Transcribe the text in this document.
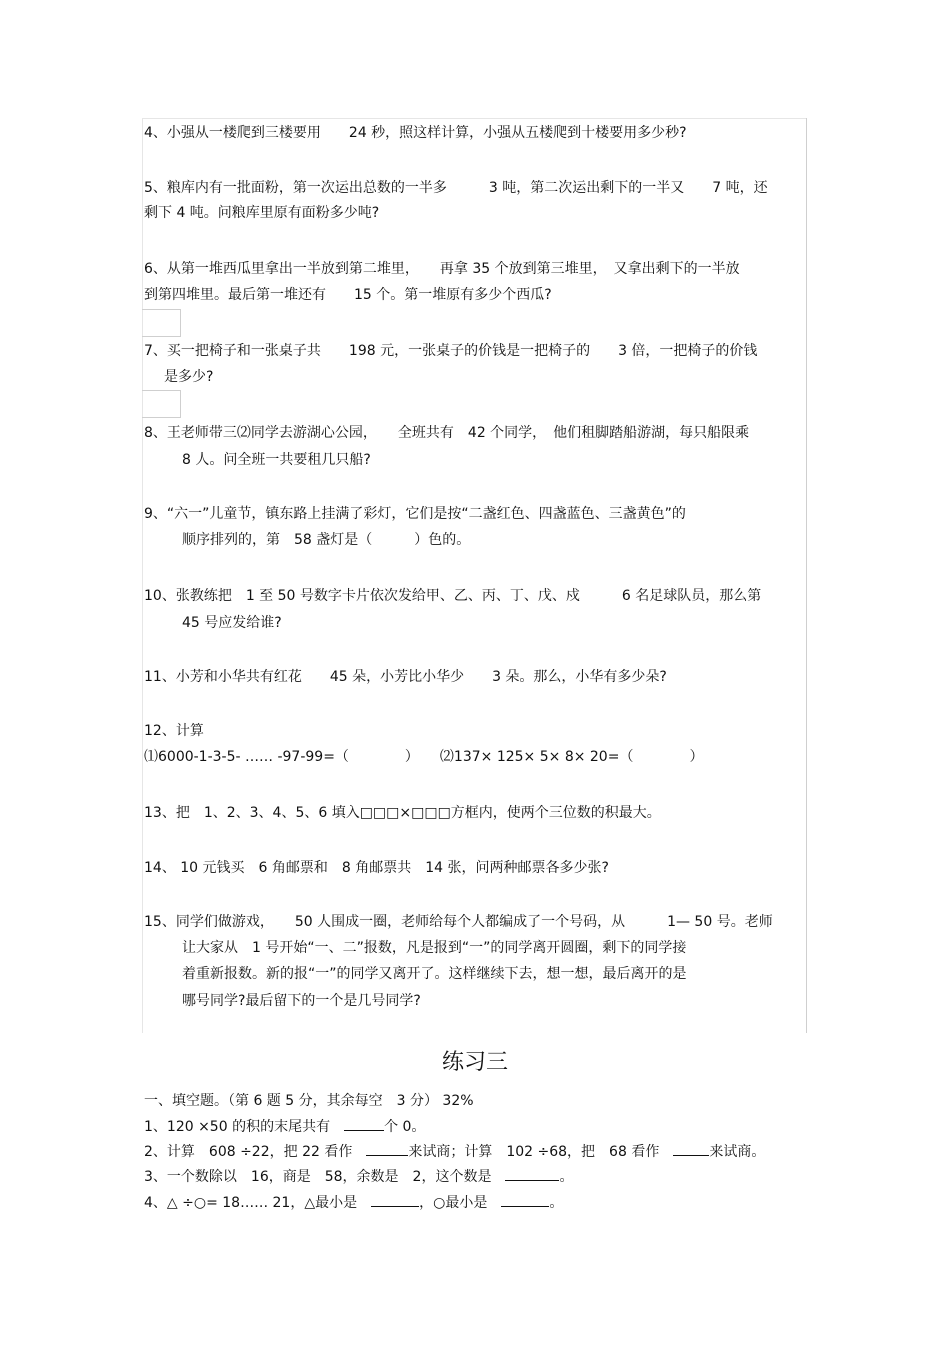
4、小强从一楼爬到三楼要用　　24 秒，照这样计算，小强从五楼爬到十楼要用多少秒?
5、粮库内有一批面粉，第一次运出总数的一半多　　　3 吨，第二次运出剩下的一半又　　7 吨，还
剩下 4 吨。问粮库里原有面粉多少吨?
6、从第一堆西瓜里拿出一半放到第二堆里，　　再拿 35 个放到第三堆里，　又拿出剩下的一半放
到第四堆里。最后第一堆还有　　15 个。第一堆原有多少个西瓜?
7、买一把椅子和一张桌子共　　198 元，一张桌子的价钱是一把椅子的　　3 倍，一把椅子的价钱
是多少?
8、王老师带三⑵同学去游湖心公园，　　全班共有　42 个同学，　他们租脚踏船游湖，每只船限乘
8 人。问全班一共要租几只船?
9、“六一”儿童节，镇东路上挂满了彩灯，它们是按“二盏红色、四盏蓝色、三盏黄色”的
顺序排列的，第　58 盏灯是（　　　）色的。
10、张教练把　1 至 50 号数字卡片依次发给甲、乙、丙、丁、戊、戍　　　6 名足球队员，那么第
45 号应发给谁?
11、小芳和小华共有红花　　45 朵，小芳比小华少　　3 朵。那么，小华有多少朵?
12、计算
⑴6000-1-3-5- …… -97-99=（　　　　）　　⑵137× 125× 5× 8× 20=（　　　　）
13、把　1、2、3、4、5、6 填入□□□×□□□方框内，使两个三位数的积最大。
14、 10 元钱买　6 角邮票和　8 角邮票共　14 张，问两种邮票各多少张?
15、同学们做游戏，　　50 人围成一圈，老师给每个人都编成了一个号码，从　　　1— 50 号。老师
让大家从　1 号开始“一、二”报数，凡是报到“一”的同学离开圆圈，剩下的同学接
着重新报数。新的报“一”的同学又离开了。这样继续下去，想一想，最后离开的是
哪号同学?最后留下的一个是几号同学?
练习三
一、填空题。（第 6 题 5 分，其余每空　3 分） 32%
1、120 ×50 的积的末尾共有　	个 0。
2、计算　608 ÷22，把 22 看作　	来试商；计算　102 ÷68，把　68 看作　	来试商。
3、一个数除以　16，商是　58，余数是　2，这个数是　	。
4、△ ÷○= 18…… 21，△最小是　	，○最小是　	。
